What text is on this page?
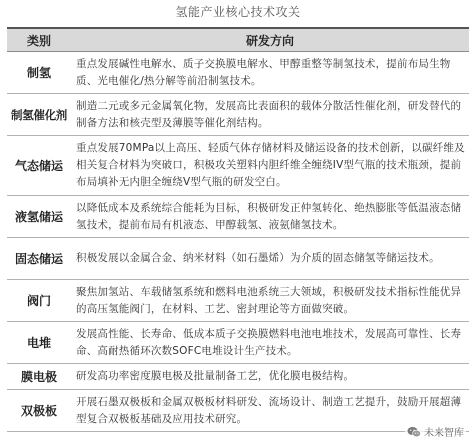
氢能产业核心技术攻关
类别	研发方向
制氢	重点发展碱性电解水、质子交换膜电解水、甲醇重整等制氢技术，提前布局生物质、光电催化/热分解等前沿制氢技术。
制氢催化剂	制造二元或多元金属氧化物，发展高比表面积的载体分散活性催化剂，研发替代的制备方法和核壳型及薄膜等催化剂结构。
气态储运	重点发展70MPa以上高压、轻质气体存储材料及储运设备的技术创新，以碳纤维及相关复合材料为突破口，积极攻关塑料内胆纤维全缠绕IV型气瓶的技术瓶颈，提前布局填补无内胆全缠绕V型气瓶的研发空白。
液氢储运	以降低成本及系统综合能耗为目标，积极研发正仲氢转化、绝热膨胀等低温液态储氢技术，提前布局有机液态、甲醇载氢、液氨储氢技术。
固态储运	积极发展以金属合金、纳米材料（如石墨烯）为介质的固态储氢等储运技术。
阀门	聚焦加氢站、车载储氢系统和燃料电池系统三大领域，积极研发技术指标性能优异的高压氢能阀门，在材料、工艺、密封理论等方面做突破。
电堆	发展高性能、长寿命、低成本质子交换膜燃料电池电堆技术，发展高可靠性、长寿命、高耐热循环次数SOFC电堆设计生产技术。
膜电极	研发高功率密度膜电极及批量制备工艺，优化膜电极结构。
双极板	开展石墨双极板和金属双极板材料研发、流场设计、制造工艺提升，鼓励开展超薄型复合双极板基础及应用技术研究。
未来智库
